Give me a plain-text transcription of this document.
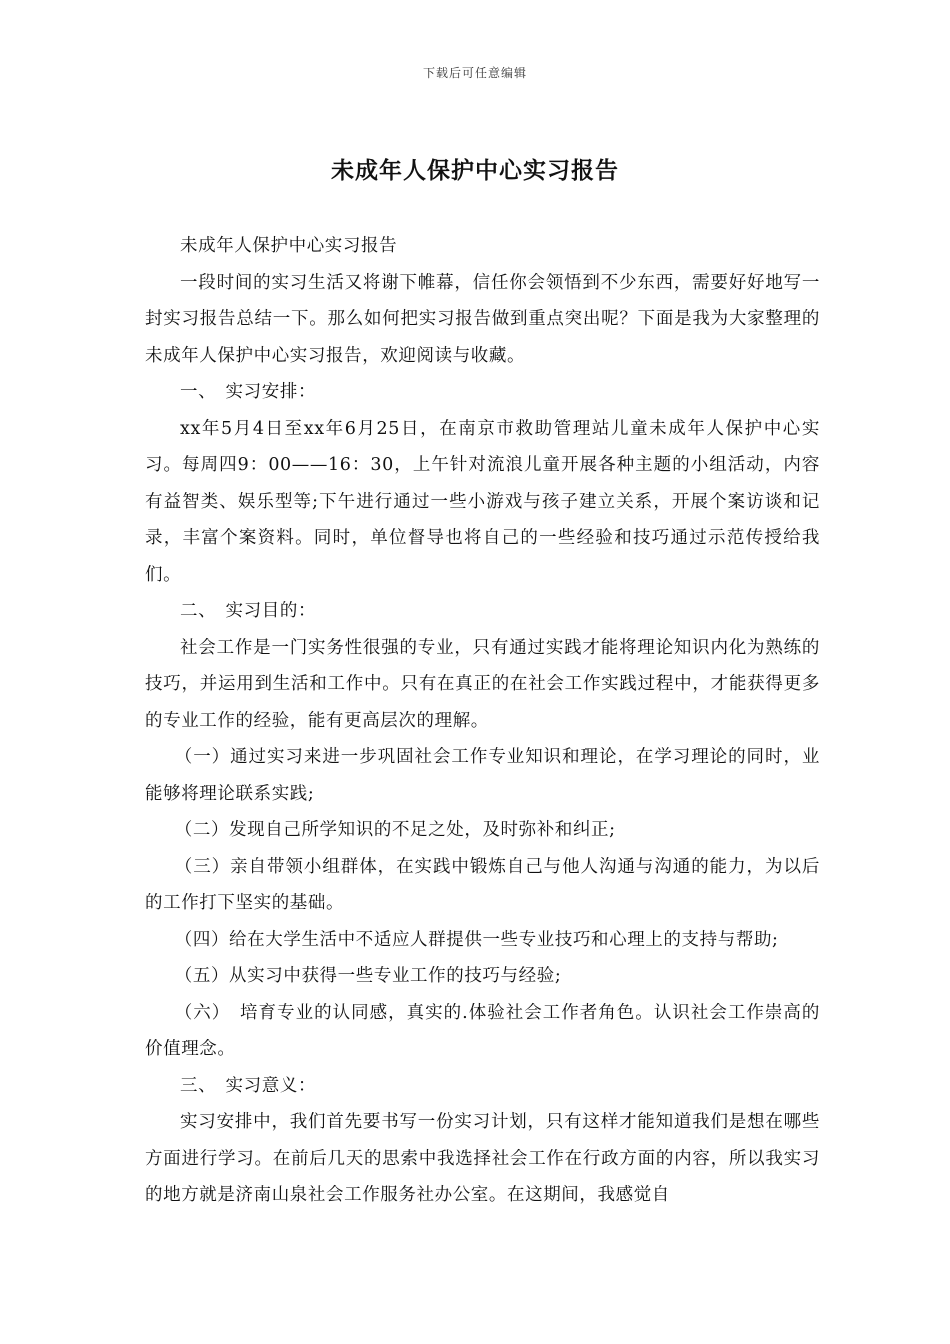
下载后可任意编辑
未成年人保护中心实习报告

未成年人保护中心实习报告

一段时间的实习生活又将谢下帷幕，信任你会领悟到不少东西，需要好好地写一封实习报告总结一下。那么如何把实习报告做到重点突出呢？下面是我为大家整理的未成年人保护中心实习报告，欢迎阅读与收藏。

一、　实习安排：

xx年5月4日至xx年6月25日，在南京市救助管理站儿童未成年人保护中心实习。每周四9：00——16：30，上午针对流浪儿童开展各种主题的小组活动，内容有益智类、娱乐型等;下午进行通过一些小游戏与孩子建立关系，开展个案访谈和记录，丰富个案资料。同时，单位督导也将自己的一些经验和技巧通过示范传授给我们。

二、　实习目的：

社会工作是一门实务性很强的专业，只有通过实践才能将理论知识内化为熟练的技巧，并运用到生活和工作中。只有在真正的在社会工作实践过程中，才能获得更多的专业工作的经验，能有更高层次的理解。

（一）通过实习来进一步巩固社会工作专业知识和理论，在学习理论的同时，业能够将理论联系实践;

（二）发现自己所学知识的不足之处，及时弥补和纠正;

（三）亲自带领小组群体，在实践中锻炼自己与他人沟通与沟通的能力，为以后的工作打下坚实的基础。

（四）给在大学生活中不适应人群提供一些专业技巧和心理上的支持与帮助;

（五）从实习中获得一些专业工作的技巧与经验;

（六）　培育专业的认同感，真实的.体验社会工作者角色。认识社会工作崇高的价值理念。

三、　实习意义：

实习安排中，我们首先要书写一份实习计划，只有这样才能知道我们是想在哪些方面进行学习。在前后几天的思索中我选择社会工作在行政方面的内容，所以我实习的地方就是济南山泉社会工作服务社办公室。在这期间，我感觉自
